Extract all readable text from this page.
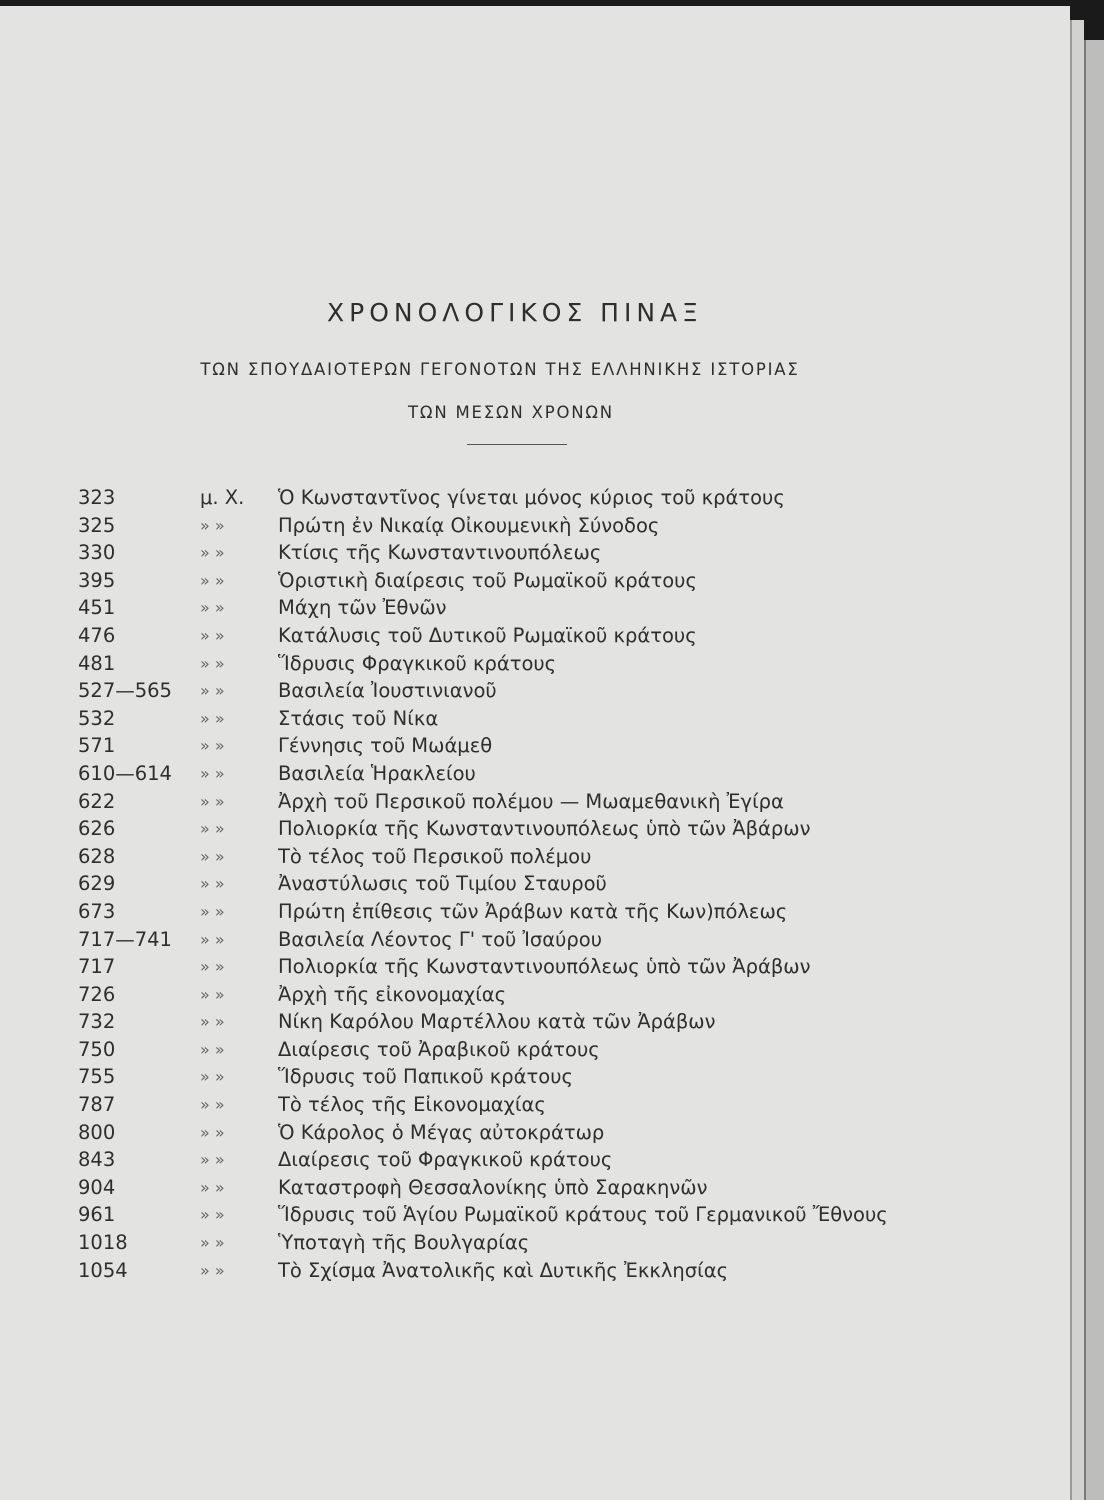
ΧΡΟΝΟΛΟΓΙΚΟΣ ΠΙΝΑΞ
ΤΩΝ ΣΠΟΥΔΑΙΟΤΕΡΩΝ ΓΕΓΟΝΟΤΩΝ ΤΗΣ ΕΛΛΗΝΙΚΗΣ ΙΣΤΟΡΙΑΣ
ΤΩΝ ΜΕΣΩΝ ΧΡΟΝΩΝ
323	μ. Χ.	Ὁ Κωνσταντῖνος γίνεται μόνος κύριος τοῦ κράτους
325	» »	Πρώτη ἐν Νικαίᾳ Οἰκουμενικὴ Σύνοδος
330	» »	Κτίσις τῆς Κωνσταντινουπόλεως
395	» »	Ὁριστικὴ διαίρεσις τοῦ Ρωμαϊκοῦ κράτους
451	» »	Μάχη τῶν Ἐθνῶν
476	» »	Κατάλυσις τοῦ Δυτικοῦ Ρωμαϊκοῦ κράτους
481	» »	Ἵδρυσις Φραγκικοῦ κράτους
527—565	» »	Βασιλεία Ἰουστινιανοῦ
532	» »	Στάσις τοῦ Νίκα
571	» »	Γέννησις τοῦ Μωάμεθ
610—614	» »	Βασιλεία Ἡρακλείου
622	» »	Ἀρχὴ τοῦ Περσικοῦ πολέμου — Μωαμεθανικὴ Ἐγίρα
626	» »	Πολιορκία τῆς Κωνσταντινουπόλεως ὑπὸ τῶν Ἀβάρων
628	» »	Τὸ τέλος τοῦ Περσικοῦ πολέμου
629	» »	Ἀναστύλωσις τοῦ Τιμίου Σταυροῦ
673	» »	Πρώτη ἐπίθεσις τῶν Ἀράβων κατὰ τῆς Κων)πόλεως
717—741	» »	Βασιλεία Λέοντος Γ' τοῦ Ἰσαύρου
717	» »	Πολιορκία τῆς Κωνσταντινουπόλεως ὑπὸ τῶν Ἀράβων
726	» »	Ἀρχὴ τῆς εἰκονομαχίας
732	» »	Νίκη Καρόλου Μαρτέλλου κατὰ τῶν Ἀράβων
750	» »	Διαίρεσις τοῦ Ἀραβικοῦ κράτους
755	» »	Ἵδρυσις τοῦ Παπικοῦ κράτους
787	» »	Τὸ τέλος τῆς Εἰκονομαχίας
800	» »	Ὁ Κάρολος ὁ Μέγας αὐτοκράτωρ
843	» »	Διαίρεσις τοῦ Φραγκικοῦ κράτους
904	» »	Καταστροφὴ Θεσσαλονίκης ὑπὸ Σαρακηνῶν
961	» »	Ἵδρυσις τοῦ Ἁγίου Ρωμαϊκοῦ κράτους τοῦ Γερμανικοῦ Ἔθνους
1018	» »	Ὑποταγὴ τῆς Βουλγαρίας
1054	» »	Τὸ Σχίσμα Ἀνατολικῆς καὶ Δυτικῆς Ἐκκλησίας
